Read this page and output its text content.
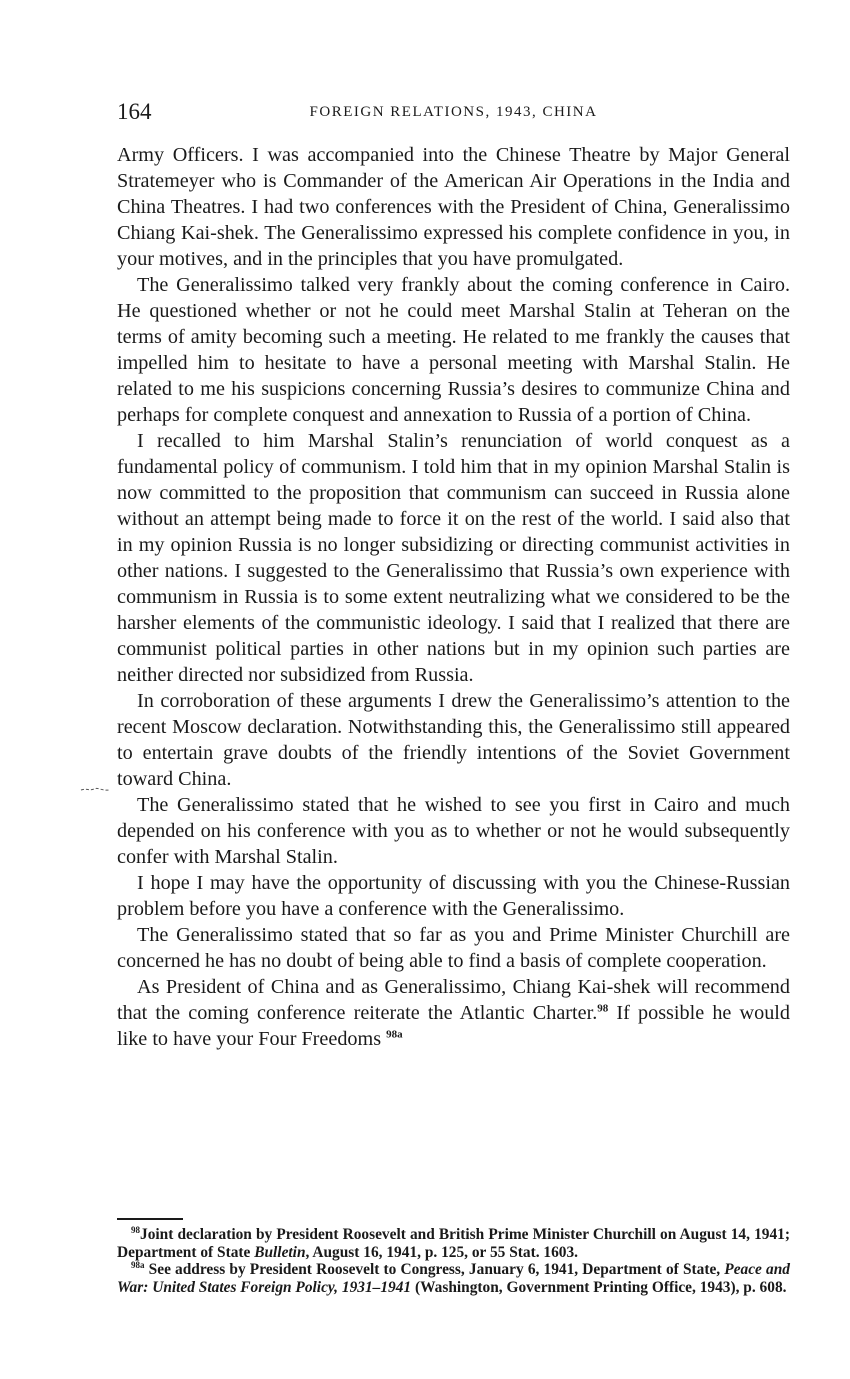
164	FOREIGN RELATIONS, 1943, CHINA

Army Officers. I was accompanied into the Chinese Theatre by Major General Stratemeyer who is Commander of the American Air Operations in the India and China Theatres. I had two conferences with the President of China, Generalissimo Chiang Kai-shek. The Generalissimo expressed his complete confidence in you, in your motives, and in the principles that you have promulgated.

The Generalissimo talked very frankly about the coming conference in Cairo. He questioned whether or not he could meet Marshal Stalin at Teheran on the terms of amity becoming such a meeting. He related to me frankly the causes that impelled him to hesitate to have a personal meeting with Marshal Stalin. He related to me his suspicions concerning Russia’s desires to communize China and perhaps for complete conquest and annexation to Russia of a portion of China.

I recalled to him Marshal Stalin’s renunciation of world conquest as a fundamental policy of communism. I told him that in my opinion Marshal Stalin is now committed to the proposition that communism can succeed in Russia alone without an attempt being made to force it on the rest of the world. I said also that in my opinion Russia is no longer subsidizing or directing communist activities in other nations. I suggested to the Generalissimo that Russia’s own experience with communism in Russia is to some extent neutralizing what we considered to be the harsher elements of the communistic ideology. I said that I realized that there are communist political parties in other nations but in my opinion such parties are neither directed nor subsidized from Russia.

In corroboration of these arguments I drew the Generalissimo’s attention to the recent Moscow declaration. Notwithstanding this, the Generalissimo still appeared to entertain grave doubts of the friendly intentions of the Soviet Government toward China.

The Generalissimo stated that he wished to see you first in Cairo and much depended on his conference with you as to whether or not he would subsequently confer with Marshal Stalin.

I hope I may have the opportunity of discussing with you the Chinese-Russian problem before you have a conference with the Generalissimo.

The Generalissimo stated that so far as you and Prime Minister Churchill are concerned he has no doubt of being able to find a basis of complete cooperation.

As President of China and as Generalissimo, Chiang Kai-shek will recommend that the coming conference reiterate the Atlantic Charter.$^{98}$ If possible he would like to have your Four Freedoms $^{98a}$

$^{98}$Joint declaration by President Roosevelt and British Prime Minister Churchill on August 14, 1941; Department of State Bulletin, August 16, 1941, p. 125, or 55 Stat. 1603.

$^{98a}$ See address by President Roosevelt to Congress, January 6, 1941, Department of State, Peace and War: United States Foreign Policy, 1931–1941 (Washington, Government Printing Office, 1943), p. 608.
